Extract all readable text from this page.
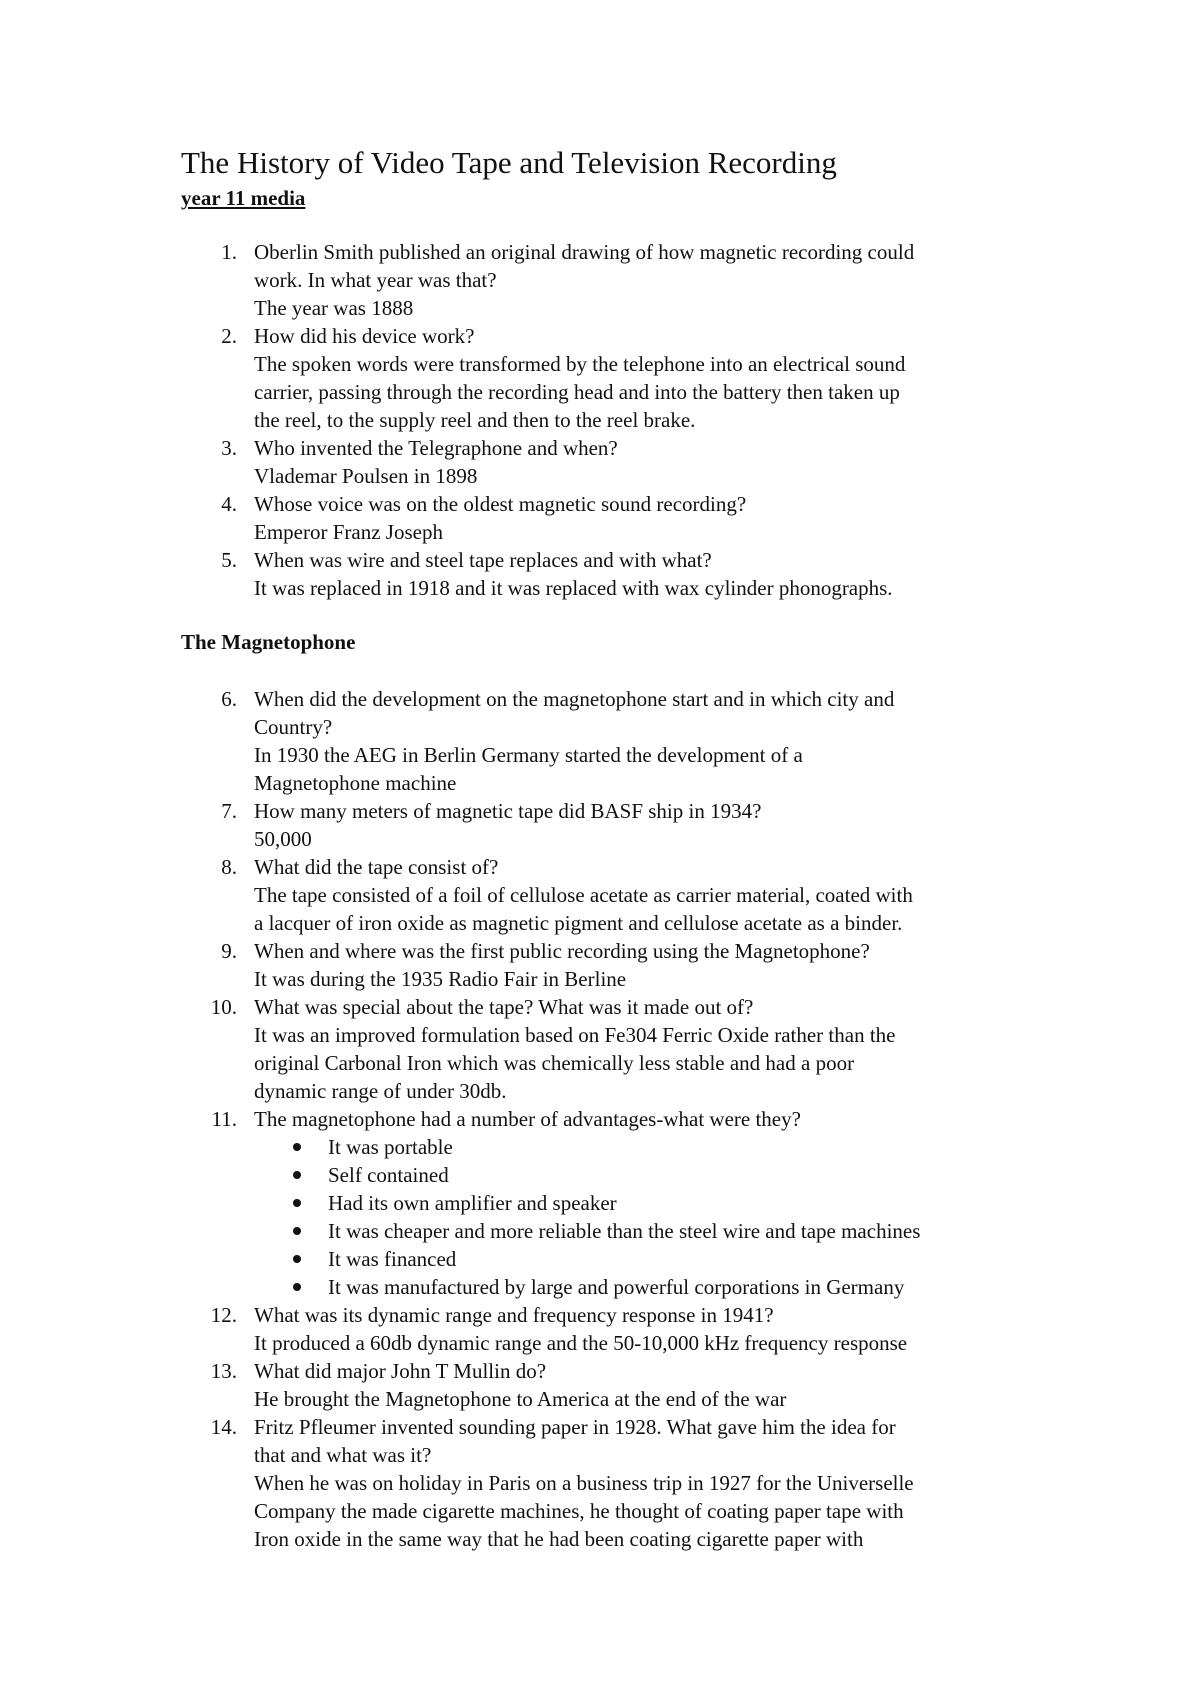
The History of Video Tape and Television Recording
year 11 media
1. Oberlin Smith published an original drawing of how magnetic recording could
work. In what year was that?
The year was 1888
2. How did his device work?
The spoken words were transformed by the telephone into an electrical sound
carrier, passing through the recording head and into the battery then taken up
the reel, to the supply reel and then to the reel brake.
3. Who invented the Telegraphone and when?
Vlademar Poulsen in 1898
4. Whose voice was on the oldest magnetic sound recording?
Emperor Franz Joseph
5. When was wire and steel tape replaces and with what?
It was replaced in 1918 and it was replaced with wax cylinder phonographs.
The Magnetophone
6. When did the development on the magnetophone start and in which city and
Country?
In 1930 the AEG in Berlin Germany started the development of a
Magnetophone machine
7. How many meters of magnetic tape did BASF ship in 1934?
50,000
8. What did the tape consist of?
The tape consisted of a foil of cellulose acetate as carrier material, coated with
a lacquer of iron oxide as magnetic pigment and cellulose acetate as a binder.
9. When and where was the first public recording using the Magnetophone?
It was during the 1935 Radio Fair in Berline
10. What was special about the tape? What was it made out of?
It was an improved formulation based on Fe304 Ferric Oxide rather than the
original Carbonal Iron which was chemically less stable and had a poor
dynamic range of under 30db.
11. The magnetophone had a number of advantages-what were they?
It was portable
Self contained
Had its own amplifier and speaker
It was cheaper and more reliable than the steel wire and tape machines
It was financed
It was manufactured by large and powerful corporations in Germany
12. What was its dynamic range and frequency response in 1941?
It produced a 60db dynamic range and the 50-10,000 kHz frequency response
13. What did major John T Mullin do?
He brought the Magnetophone to America at the end of the war
14. Fritz Pfleumer invented sounding paper in 1928. What gave him the idea for
that and what was it?
When he was on holiday in Paris on a business trip in 1927 for the Universelle
Company the made cigarette machines, he thought of coating paper tape with
Iron oxide in the same way that he had been coating cigarette paper with
